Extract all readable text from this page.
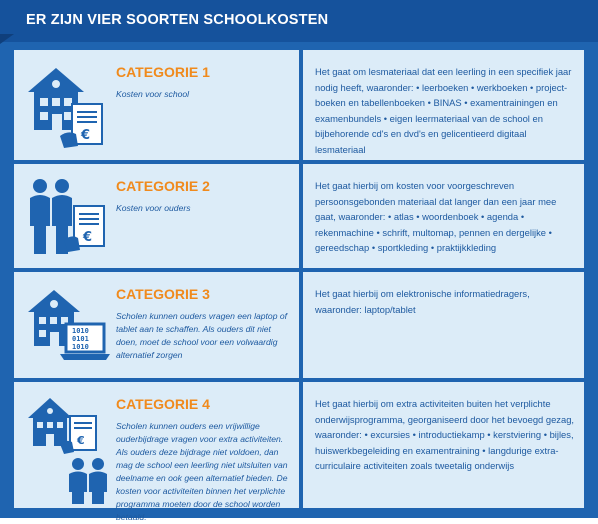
ER ZIJN VIER SOORTEN SCHOOLKOSTEN
€
CATEGORIE 1
Kosten voor school
Het gaat om lesmateriaal dat een leerling in een specifiek jaar nodig heeft, waaronder: • leerboeken • werkboeken • project-boeken en tabellenboeken • BINAS • examentrainingen en examenbundels • eigen leermateriaal van de school en bijbehorende cd's en dvd's en gelicentieerd digitaal lesmateriaal
€
CATEGORIE 2
Kosten voor ouders
Het gaat hierbij om kosten voor voorgeschreven persoonsgebonden materiaal dat langer dan een jaar mee gaat, waaronder: • atlas • woordenboek • agenda • rekenmachine • schrift, multomap, pennen en dergelijke • gereedschap • sportkleding • praktijkkleding
1010
0101
1010
CATEGORIE 3
Scholen kunnen ouders vragen een laptop of tablet aan te schaffen. Als ouders dit niet doen, moet de school voor een volwaardig alternatief zorgen
Het gaat hierbij om elektronische informatiedragers, waaronder: laptop/tablet
€
CATEGORIE 4
Scholen kunnen ouders een vrijwillige ouderbijdrage vragen voor extra activiteiten. Als ouders deze bijdrage niet voldoen, dan mag de school een leerling niet uitsluiten van deelname en ook geen alternatief bieden. De kosten voor activiteiten binnen het verplichte programma moeten door de school worden betaald.
Het gaat hierbij om extra activiteiten buiten het verplichte onderwijsprogramma, georganiseerd door het bevoegd gezag, waaronder: • excursies • introductiekamp • kerstviering • bijles, huiswerkbegeleiding en examentraining • langdurige extra-curriculaire activiteiten zoals tweetalig onderwijs
